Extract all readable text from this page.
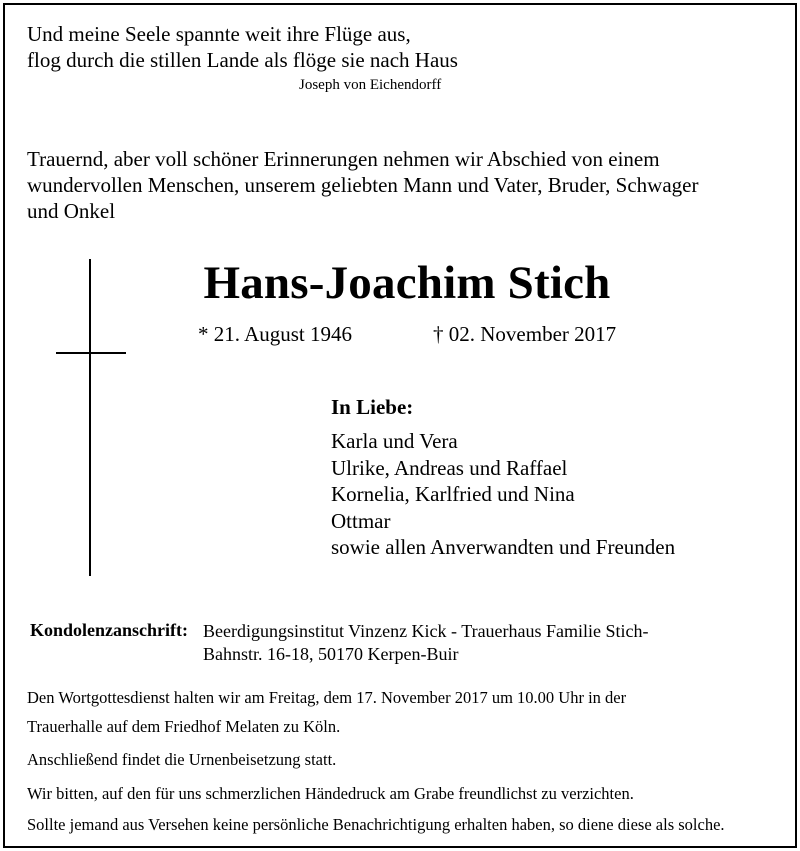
Und meine Seele spannte weit ihre Flüge aus,
flog durch die stillen Lande als flöge sie nach Haus
Joseph von Eichendorff
Trauernd, aber voll schöner Erinnerungen nehmen wir Abschied von einem
wundervollen Menschen, unserem geliebten Mann und Vater, Bruder, Schwager
und Onkel
Hans-Joachim Stich
* 21. August 1946	† 02. November 2017
In Liebe:
Karla und Vera
Ulrike, Andreas und Raffael
Kornelia, Karlfried und Nina
Ottmar
sowie allen Anverwandten und Freunden
Kondolenzanschrift: Beerdigungsinstitut Vinzenz Kick - Trauerhaus Familie Stich-
Bahnstr. 16-18, 50170 Kerpen-Buir
Den Wortgottesdienst halten wir am Freitag, dem 17. November 2017 um 10.00 Uhr in der
Trauerhalle auf dem Friedhof Melaten zu Köln.
Anschließend findet die Urnenbeisetzung statt.
Wir bitten, auf den für uns schmerzlichen Händedruck am Grabe freundlichst zu verzichten.
Sollte jemand aus Versehen keine persönliche Benachrichtigung erhalten haben, so diene diese als solche.
